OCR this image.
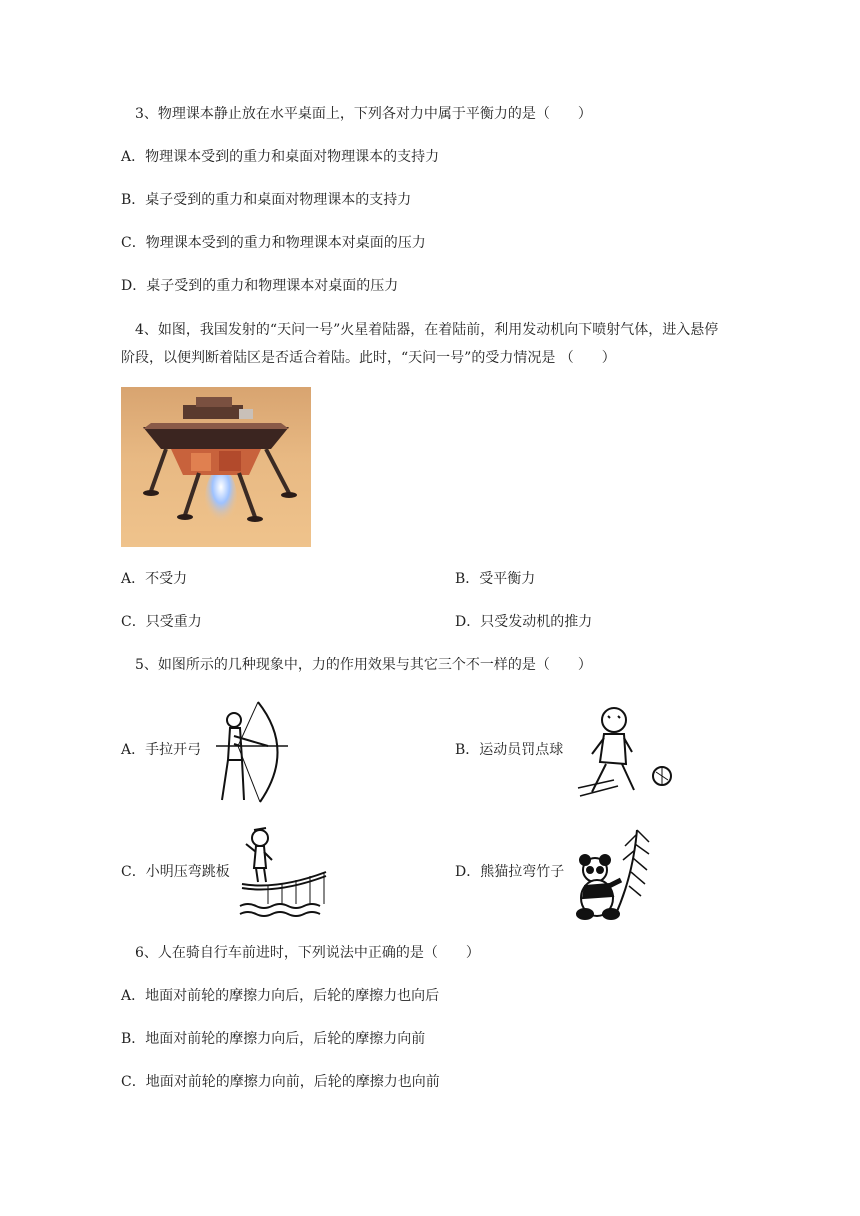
3、物理课本静止放在水平桌面上，下列各对力中属于平衡力的是（　　）
A．物理课本受到的重力和桌面对物理课本的支持力
B．桌子受到的重力和桌面对物理课本的支持力
C．物理课本受到的重力和物理课本对桌面的压力
D．桌子受到的重力和物理课本对桌面的压力
4、如图，我国发射的“天问一号”火星着陆器，在着陆前，利用发动机向下喷射气体，进入悬停
阶段，以便判断着陆区是否适合着陆。此时，“天问一号”的受力情况是 （　　）
A．不受力	B．受平衡力
C．只受重力	D．只受发动机的推力
5、如图所示的几种现象中，力的作用效果与其它三个不一样的是（　　）
A．手拉开弓	B．运动员罚点球
C．小明压弯跳板	D．熊猫拉弯竹子
6、人在骑自行车前进时，下列说法中正确的是（　　）
A．地面对前轮的摩擦力向后，后轮的摩擦力也向后
B．地面对前轮的摩擦力向后，后轮的摩擦力向前
C．地面对前轮的摩擦力向前，后轮的摩擦力也向前
